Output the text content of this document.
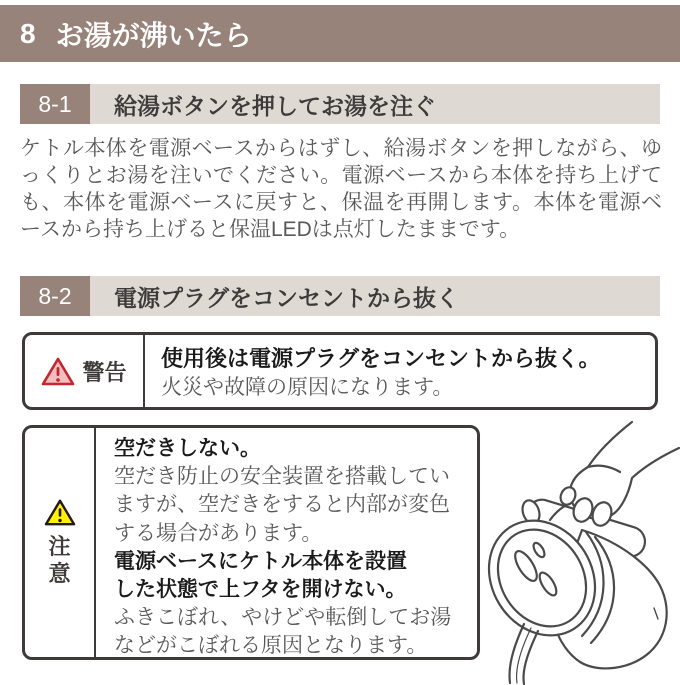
8 お湯が沸いたら
8-1	給湯ボタンを押してお湯を注ぐ

ケトル本体を電源ベースからはずし、給湯ボタンを押しながら、ゆっくりとお湯を注いでください。電源ベースから本体を持ち上げても、本体を電源ベースに戻すと、保温を再開します。本体を電源ベースから持ち上げると保温LEDは点灯したままです。

8-2	電源プラグをコンセントから抜く
警告
使用後は電源プラグをコンセントから抜く。
火災や故障の原因になります。
注意
空だきしない。
空だき防止の安全装置を搭載してい
ますが、空だきをすると内部が変色
する場合があります。
電源ベースにケトル本体を設置
した状態で上フタを開けない。
ふきこぼれ、やけどや転倒してお湯
などがこぼれる原因となります。
